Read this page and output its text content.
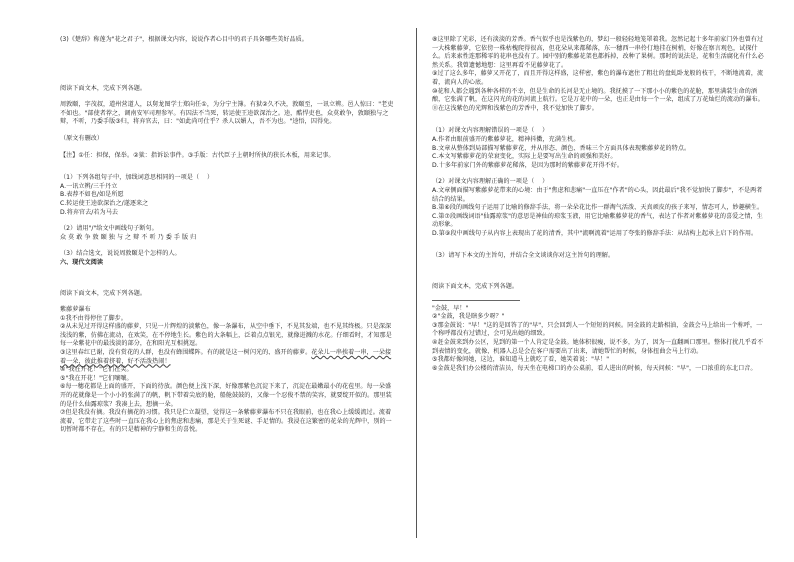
(3)《楚辞》称莲为"花之君子"，根据课文内容，说说作者心目中的君子具备哪些美好品质。

阅读下面文本，完成下列各题。

周敦颐，字茂叔，道州营道人，以舅龙图学士郑向任①，为分宁主簿。有狱②久不决，敦颐至，一讯立辨。邑人惊曰："老吏不如也。"部使者荐之，调南安军司理参军。有囚法不当死，转运使王逵欲深治之。逵，酷悍吏也，众莫敢争，敦颐独与之辩，不听，乃委手版③归，将弃官去，曰："如此尚可仕乎？杀人以媚人，吾不为也。"逵悟，囚得免。

（原文有删改）

【注】①任：担保，保举。②狱：指诉讼事件。③手版：古代臣子上朝时所执的狭长木板，用来记事。

（1）下列各组句子中，加线词意思相同的一项是（    ）

A.一讯立辨/三千丹立

B.表荐不如也/如是所愿

C.转运使王逵欲深治之/遂逐来之

D.将弃官去/若为马去

（2）请用"/"给文中画线句子断句。

众 莫 敢 争 敦 颐 独 与 之 辩 不 听 乃 委 手 版 归

（3）结合选文，说说周敦颐是个怎样的人。

六、现代文阅读

阅读下面文本，完成下列各题。

紫藤萝瀑布

①我不由得停住了脚步。

②从未见过开得这样盛的藤萝，只见一片辉煌的淡紫色，像一条瀑布，从空中垂下，不见其发端，也不见其终极。只是深深浅浅的紫，仿佛在流动，在欢笑，在不停地生长。紫色的大条幅上，泛着点点银光，就像迸溅的水花。仔细看时，才知那是每一朵紫花中的最浅淡的部分，在和阳光互相挑逗。

③这里春红已谢，没有赏花的人群，也没有蜂围蝶阵。有的就是这一树闪光的、盛开的藤萝。花朵儿一串挨着一串，一朵接着一朵，彼此推着挤着，好不活泼热闹！

④"我在开花！"它们在笑。

⑤"我在开花！"它们嚷嚷。

⑥每一穗花都是上面的盛开，下面的待放。颜色便上浅下深，好像那紫色沉淀下来了，沉淀在最嫩最小的花苞里。每一朵盛开的花就像是一个小小的张满了的帆，帆下带着尖底的舱，船舱鼓鼓的，又像一个忍俊不禁的笑容，就要绽开似的。那里装的是什么仙露琼浆？我凑上去，想摘一朵。

⑦但是我没有摘。我没有摘花的习惯。我只是伫立凝望，觉得这一条紫藤萝瀑布不只在我眼前，也在我心上缓缓流过。流着流着，它带走了这些时一直压在我心上的焦虑和悲痛，那是关于生死谜、手足情的。我浸在这繁密的花朵的光辉中，别的一切暂时都不存在，有的只是精神的宁静和生的喜悦。

⑧这里除了光彩，还有淡淡的芳香。香气似乎也是浅紫色的，梦幻一般轻轻地笼罩着我。忽然记起十多年前家门外也曾有过一大株紫藤萝，它依傍一株枯槐爬得很高，但花朵从来都稀落，东一穗西一串伶仃地挂在树梢，好像在察言观色，试探什么。后来索性连那稀零的花串也没有了。园中别的紫藤花架也都拆掉，改种了果树。那时的说法是，花和生活腐化有什么必然关系。我曾遗憾地想：这里再看不见藤萝花了。

⑨过了这么多年，藤萝又开花了，而且开得这样盛，这样密，紫色的瀑布遮住了粗壮的盘虬卧龙般的枝干，不断地流着，流着，流向人的心底。

⑩花和人都会遇到各种各样的不幸，但是生命的长河是无止境的。我抚摸了一下那小小的紫色的花舱，那里满装生命的酒酿，它张满了帆，在这闪光的花的河流上航行。它是万花中的一朵，也正是由每一个一朵，组成了万花灿烂的流动的瀑布。

⑪在这浅紫色的光辉和浅紫色的芳香中，我不觉加快了脚步。

（1）对课文内容理解错误的一项是（    ）

A.作者由眼前盛开的紫藤萝花，精神抖擞，充满生机。

B.文章从整体到局部描写紫藤萝花，并从形态、颜色、香味三个方面具体表现紫藤萝花的特点。

C.本文写紫藤萝花的荣衰变化，实际上是要写出生命的顽强和美好。

D.十多年前家门外的紫藤萝花稀落，是因为那时的紫藤萝花开得不好。

（2）对课文内容理解正确的一项是（    ）

A.文章侧面描写紫藤萝花带来的心境：由于"焦虑和悲痛"一直压在"作者"的心头，因此最后"我不觉加快了脚步"，不是两者结合的结果。

B.第⑥段的画线句子运用了比喻的修辞手法，将一朵朵花比作一群淘气活泼、天真顽皮的孩子来写，情态可人，妙趣横生。

C.第⑦段画线词语"仙露琼浆"的意思是神仙的琼浆玉液，用它比喻紫藤萝花的香气，表达了作者对紫藤萝花的喜爱之情，生动形象。

D.第⑨段中画线句子从内容上表现出了花的清香，其中"流啊流着"运用了夸张的修辞手法：从结构上起承上启下的作用。

（3）请写下本文的主旨句，并结合全文谈谈你对这主旨句的理解。

阅读下面文本，完成下列各题。

"金鼓，早！"

②"金鼓，我是瞎多少呀？"

③那金鼓说："早！"这的是回答了的"早"，只会回到人一个短短的问候。同金鼓的走路相油，金鼓会马上给出一个称呼，一个称呼都没有过错过，会可见出她的细致。

④赶金鼓来到办公区，见到的第一个人肯定是金鼓。她体积很瘦，说不多，为了，因为一直翻画口那里。整体打扰几乎看不到表情的变化，就像，机器人总是会在客户需要出了出来，请她帮忙的时候，身体扭曲会马上行动。

⑤我都好像问她，这边，谁知道马上就吃了看，她笑着说："早！"

⑥金鼓是我们办公楼的清洁员，每天坐在电梯口的办公桌前，看人进出的时候，每天问候："早"，一口浓重的东北口音。
